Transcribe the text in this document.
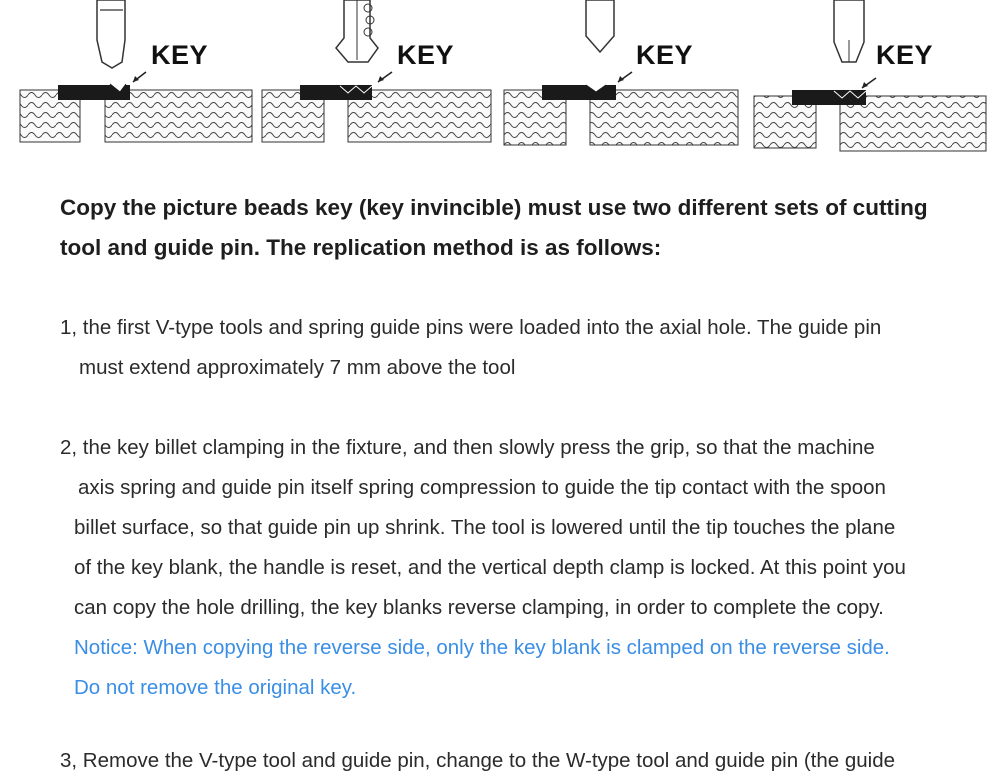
KEY	KEY	KEY	KEY
Copy the picture beads key (key invincible) must use two different sets of cutting
tool and guide pin. The replication method is as follows:
1, the first V-type tools and spring guide pins were loaded into the axial hole. The guide pin
must extend approximately 7 mm above the tool
2, the key billet clamping in the fixture, and then slowly press the grip, so that the machine
axis spring and guide pin itself spring compression to guide the tip contact with the spoon
billet surface, so that guide pin up shrink. The tool is lowered until the tip touches the plane
of the key blank, the handle is reset, and the vertical depth clamp is locked. At this point you
can copy the hole drilling, the key blanks reverse clamping, in order to complete the copy.
Notice: When copying the reverse side, only the key blank is clamped on the reverse side.
Do not remove the original key.
3, Remove the V-type tool and guide pin, change to the W-type tool and guide pin (the guide
